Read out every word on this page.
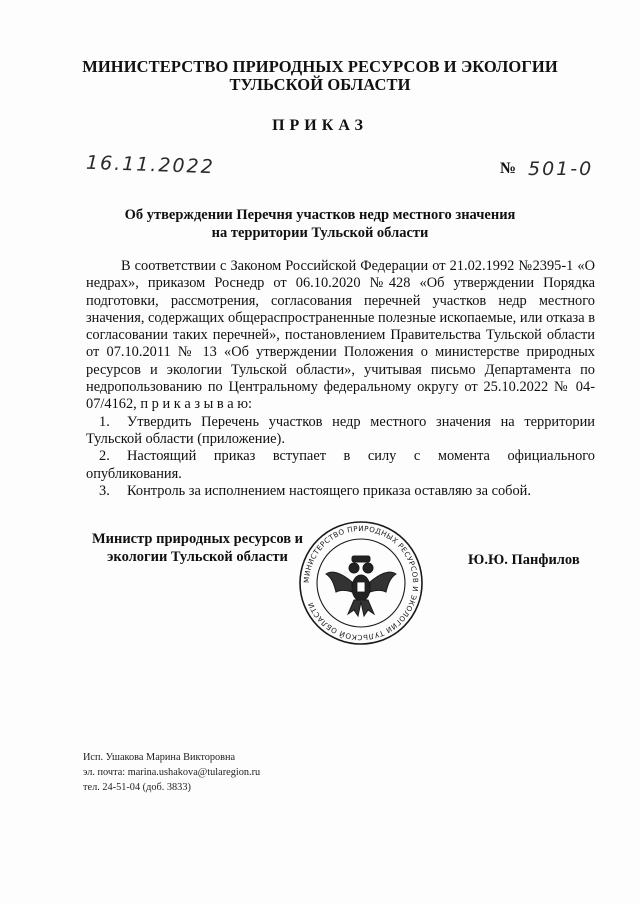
МИНИСТЕРСТВО ПРИРОДНЫХ РЕСУРСОВ И ЭКОЛОГИИ
ТУЛЬСКОЙ ОБЛАСТИ
ПРИКАЗ
16.11.2022	№ 501-0
Об утверждении Перечня участков недр местного значения
на территории Тульской области

В соответствии с Законом Российской Федерации от 21.02.1992 №2395-1 «О недрах», приказом Роснедр от 06.10.2020 №428 «Об утверждении Порядка подготовки, рассмотрения, согласования перечней участков недр местного значения, содержащих общераспространенные полезные ископаемые, или отказа в согласовании таких перечней», постановлением Правительства Тульской области от 07.10.2011 № 13 «Об утверждении Положения о министерстве природных ресурсов и экологии Тульской области», учитывая письмо Департамента по недропользованию по Центральному федеральному округу от 25.10.2022 № 04-07/4162, п р и к а з ы в а ю:

1. Утвердить Перечень участков недр местного значения на территории Тульской области (приложение).
2. Настоящий приказ вступает в силу с момента официального опубликования.
3. Контроль за исполнением настоящего приказа оставляю за собой.
Министр природных ресурсов и
экологии Тульской области
МИНИСТЕРСТВО ПРИРОДНЫХ РЕСУРСОВ И ЭКОЛОГИИ ТУЛЬСКОЙ ОБЛАСТИ
Ю.Ю. Панфилов
Исп. Ушакова Марина Викторовна
эл. почта: marina.ushakova@tularegion.ru
тел. 24-51-04 (доб. 3833)
